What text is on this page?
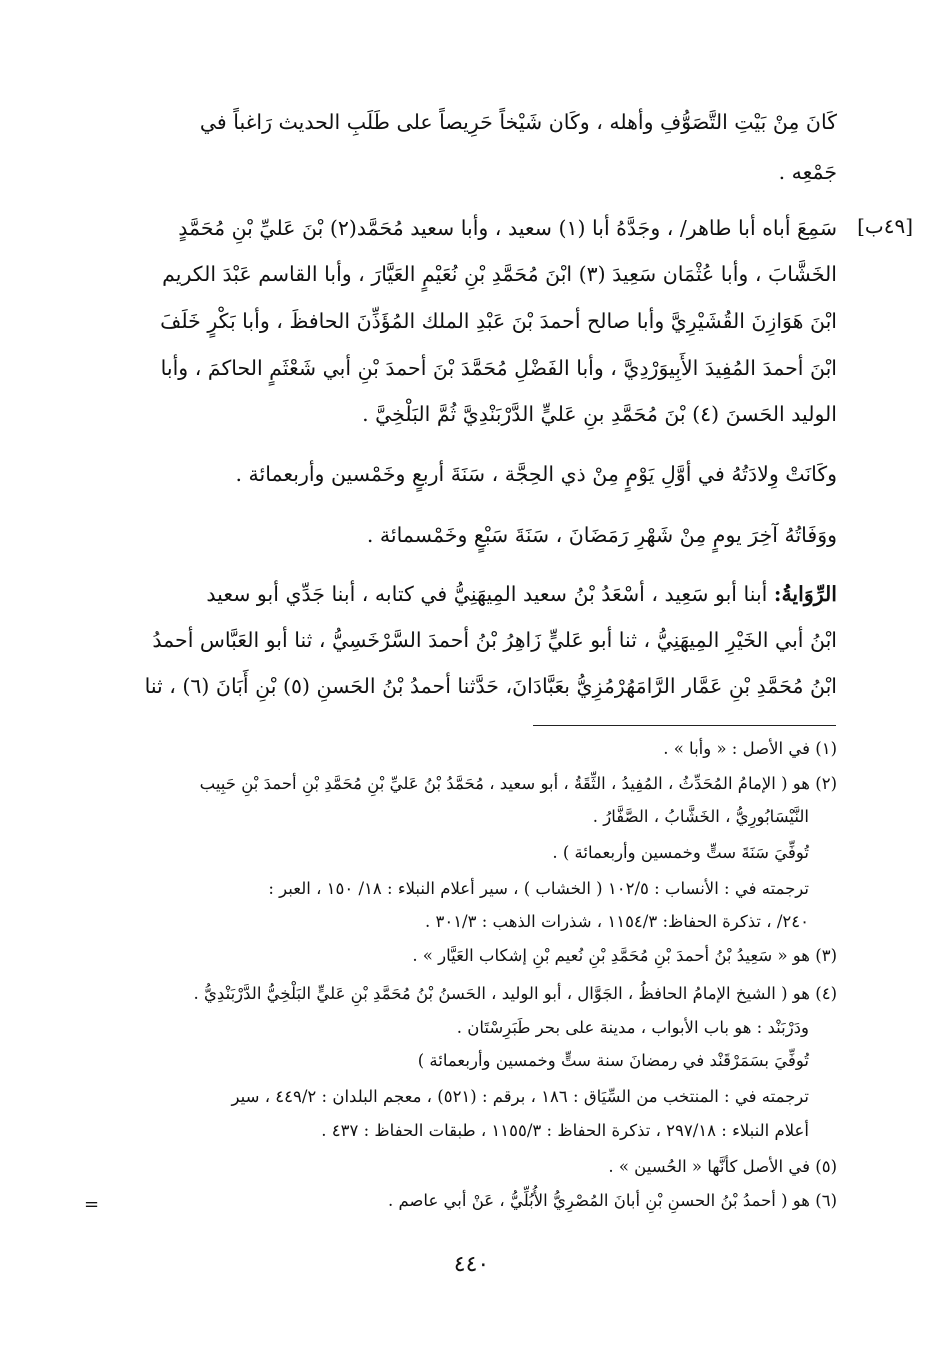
[٤٩ب]
كَانَ مِنْ بَيْتِ التَّصَوُّفِ وأهله ، وكَان شَيْخاً حَرِيصاً على طَلَبِ الحديث رَاغباً في
جَمْعِه .
سَمِعَ أباه أبا طاهر/ ، وجَدَّهُ أبا (١) سعيد ، وأبا سعيد مُحَمَّد(٢) بْنَ عَليِّ بْنِ مُحَمَّدٍ
الخَشَّابَ ، وأبا عُثْمَان سَعِيدَ (٣) ابْنَ مُحَمَّدِ بْنِ نُعَيْمٍ العَيَّارَ ، وأبا القاسم عَبْدَ الكريم
ابْنَ هَوَازِنَ القُشَيْرِيَّ وأبا صالح أحمدَ بْنَ عَبْدِ الملك المُؤَذِّنَ الحافظَ ، وأبا بَكْرٍ خَلَفَ
ابْنَ أحمدَ المُفِيدَ الأَبِيوَرْدِيَّ ، وأبا الفَضْلِ مُحَمَّدَ بْنَ أحمدَ بْنِ أبي شَعْثَمٍ الحاكمَ ، وأبا
الوليد الحَسنَ (٤) بْنَ مُحَمَّدِ بنِ عَليٍّ الدَّرْبَنْدِيَّ ثُمَّ البَلْخِيَّ .
وكَانَتْ وِلادَتُهُ في أوَّلِ يَوْمٍ مِنْ ذي الحِجَّة ، سَنَةَ أربعٍ وخَمْسين وأربعمائة .
ووَفَاتُهُ آخِرَ يومٍ مِنْ شَهْرِ رَمَضَانَ ، سَنَةَ سَبْعٍ وخَمْسمائة .
الرِّوَايةُ: أبنا أبو سَعِيد ، أسْعَدُ بْنُ سعيد المِيهَنِيُّ في كتابه ، أبنا جَدِّي أبو سعيد
ابْنُ أبي الخَيْرِ المِيهَنِيُّ ، ثنا أبو عَليٍّ زَاهِرُ بْنُ أحمدَ السَّرْخَسِيُّ ، ثنا أبو العَبَّاس أحمدُ
ابْنُ مُحَمَّدِ بْنِ عَمَّار الرَّامَهُرْمُزِيُّ بعَبَّادَانَ، حَدَّثنا أحمدُ بْنُ الحَسنِ (٥) بْنِ أَبَانَ (٦) ، ثنا
(١) في الأصل : « وأبا » .
(٢) هو ( الإمامُ المُحَدِّثُ ، المُفِيدُ ، الثِّقَةُ ، أبو سعيد ، مُحَمَّدُ بْنُ عَليِّ بْنِ مُحَمَّدِ بْنِ أحمدَ بْنِ حَبِيب
النَّيْسَابُورِيُّ ، الخَشَّابُ ، الصَّفَّارُ .
تُوفِّيَ سَنَةَ ستٍّ وخمسين وأربعمائة ) .
ترجمته في : الأنساب : ١٠٢/٥ ( الخشاب ) ، سير أعلام النبلاء : ١٨/ ١٥٠ ، العبر :
٢٤٠/ ، تذكرة الحفاظ: ١١٥٤/٣ ، شذرات الذهب : ٣٠١/٣ .
(٣) هو « سَعِيدُ بْنُ أحمدَ بْنِ مُحَمَّدِ بْنِ نُعيم بْنِ إشكاب العَيَّار » .
(٤) هو ( الشيخ الإمامُ الحافظُ ، الجَوَّال ، أبو الوليد ، الحَسنُ بْنُ مُحَمَّدِ بْنِ عَليٍّ البَلْخِيُّ الدَّرْبَنْدِيُّ .
ودَرْبَنْد : هو باب الأبواب ، مدينة على بحر طَبَرِسْتَان .
تُوفِّيَ بسَمَرْقَنْد في رمضانَ سنة ستٍّ وخمسين وأربعمائة )
ترجمته في : المنتخب من السِّيَاق : ١٨٦ ، برقم : (٥٢١) ، معجم البلدان : ٤٤٩/٢ ، سير
أعلام النبلاء : ٢٩٧/١٨ ، تذكرة الحفاظ : ١١٥٥/٣ ، طبقات الحفاظ : ٤٣٧ .
(٥) في الأصل كأنَّها « الحُسين » .
(٦) هو ( أحمدُ بْنُ الحسنِ بْنِ أبانَ المُصْرِيُّ الأُبُلِّيُّ ، عَنْ أبي عاصم .
=
٤٤٠
